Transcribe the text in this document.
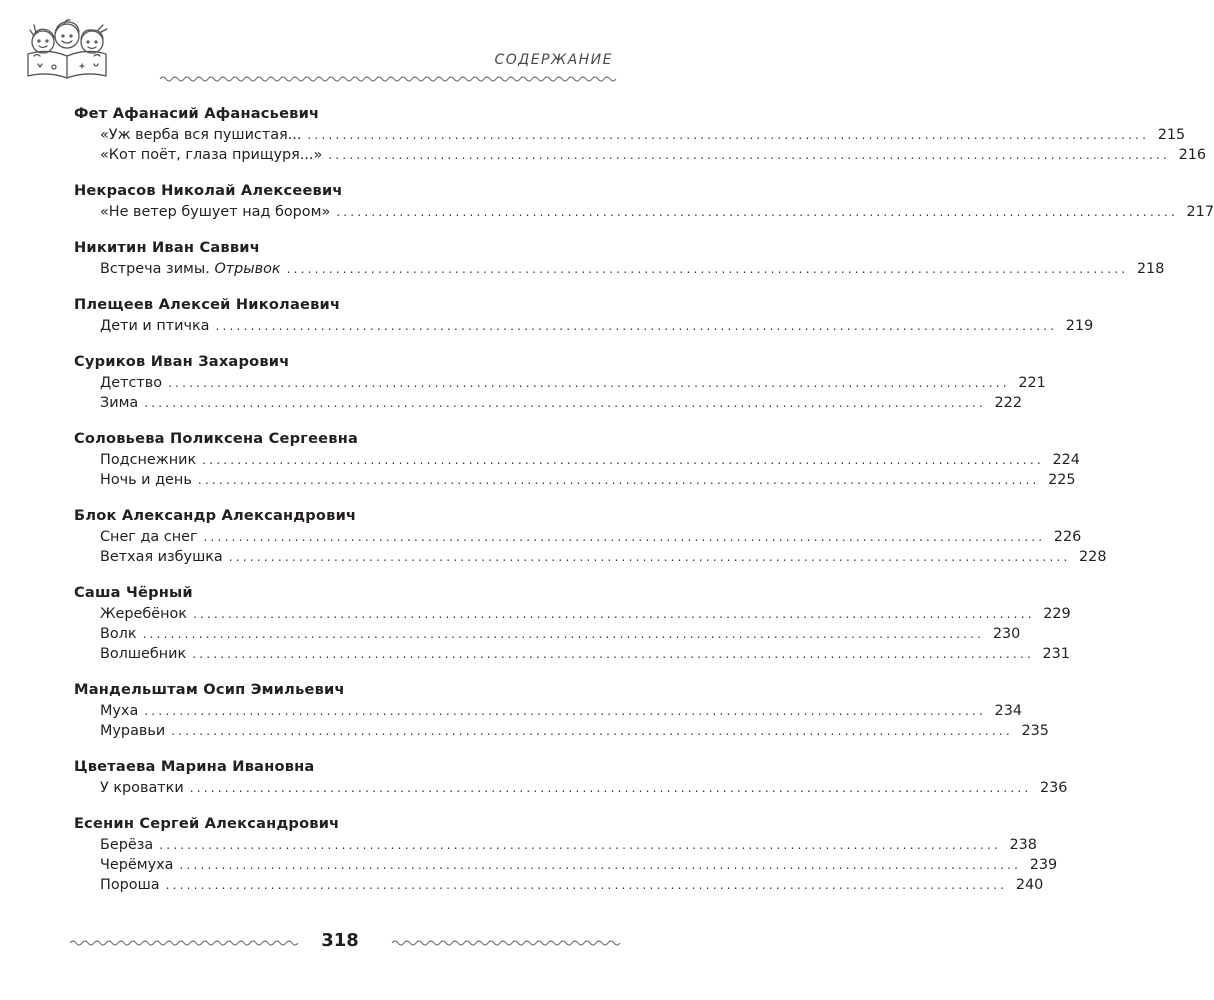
СОДЕРЖАНИЕ
Фет Афанасий Афанасьевич
«Уж верба вся пушистая... ........................................................................................................................ 215
«Кот поёт, глаза прищуря...» ........................................................................................................................ 216
Некрасов Николай Алексеевич
«Не ветер бушует над бором» ........................................................................................................................ 217
Никитин Иван Саввич
Встреча зимы. Отрывок ........................................................................................................................ 218
Плещеев Алексей Николаевич
Дети и птичка ........................................................................................................................ 219
Суриков Иван Захарович
Детство ........................................................................................................................ 221
Зима ........................................................................................................................ 222
Соловьева Поликсена Сергеевна
Подснежник ........................................................................................................................ 224
Ночь и день ........................................................................................................................ 225
Блок Александр Александрович
Снег да снег ........................................................................................................................ 226
Ветхая избушка ........................................................................................................................ 228
Саша Чёрный
Жеребёнок ........................................................................................................................ 229
Волк ........................................................................................................................ 230
Волшебник ........................................................................................................................ 231
Мандельштам Осип Эмильевич
Муха ........................................................................................................................ 234
Муравьи ........................................................................................................................ 235
Цветаева Марина Ивановна
У кроватки ........................................................................................................................ 236
Есенин Сергей Александрович
Берёза ........................................................................................................................ 238
Черёмуха ........................................................................................................................ 239
Пороша ........................................................................................................................ 240
318
